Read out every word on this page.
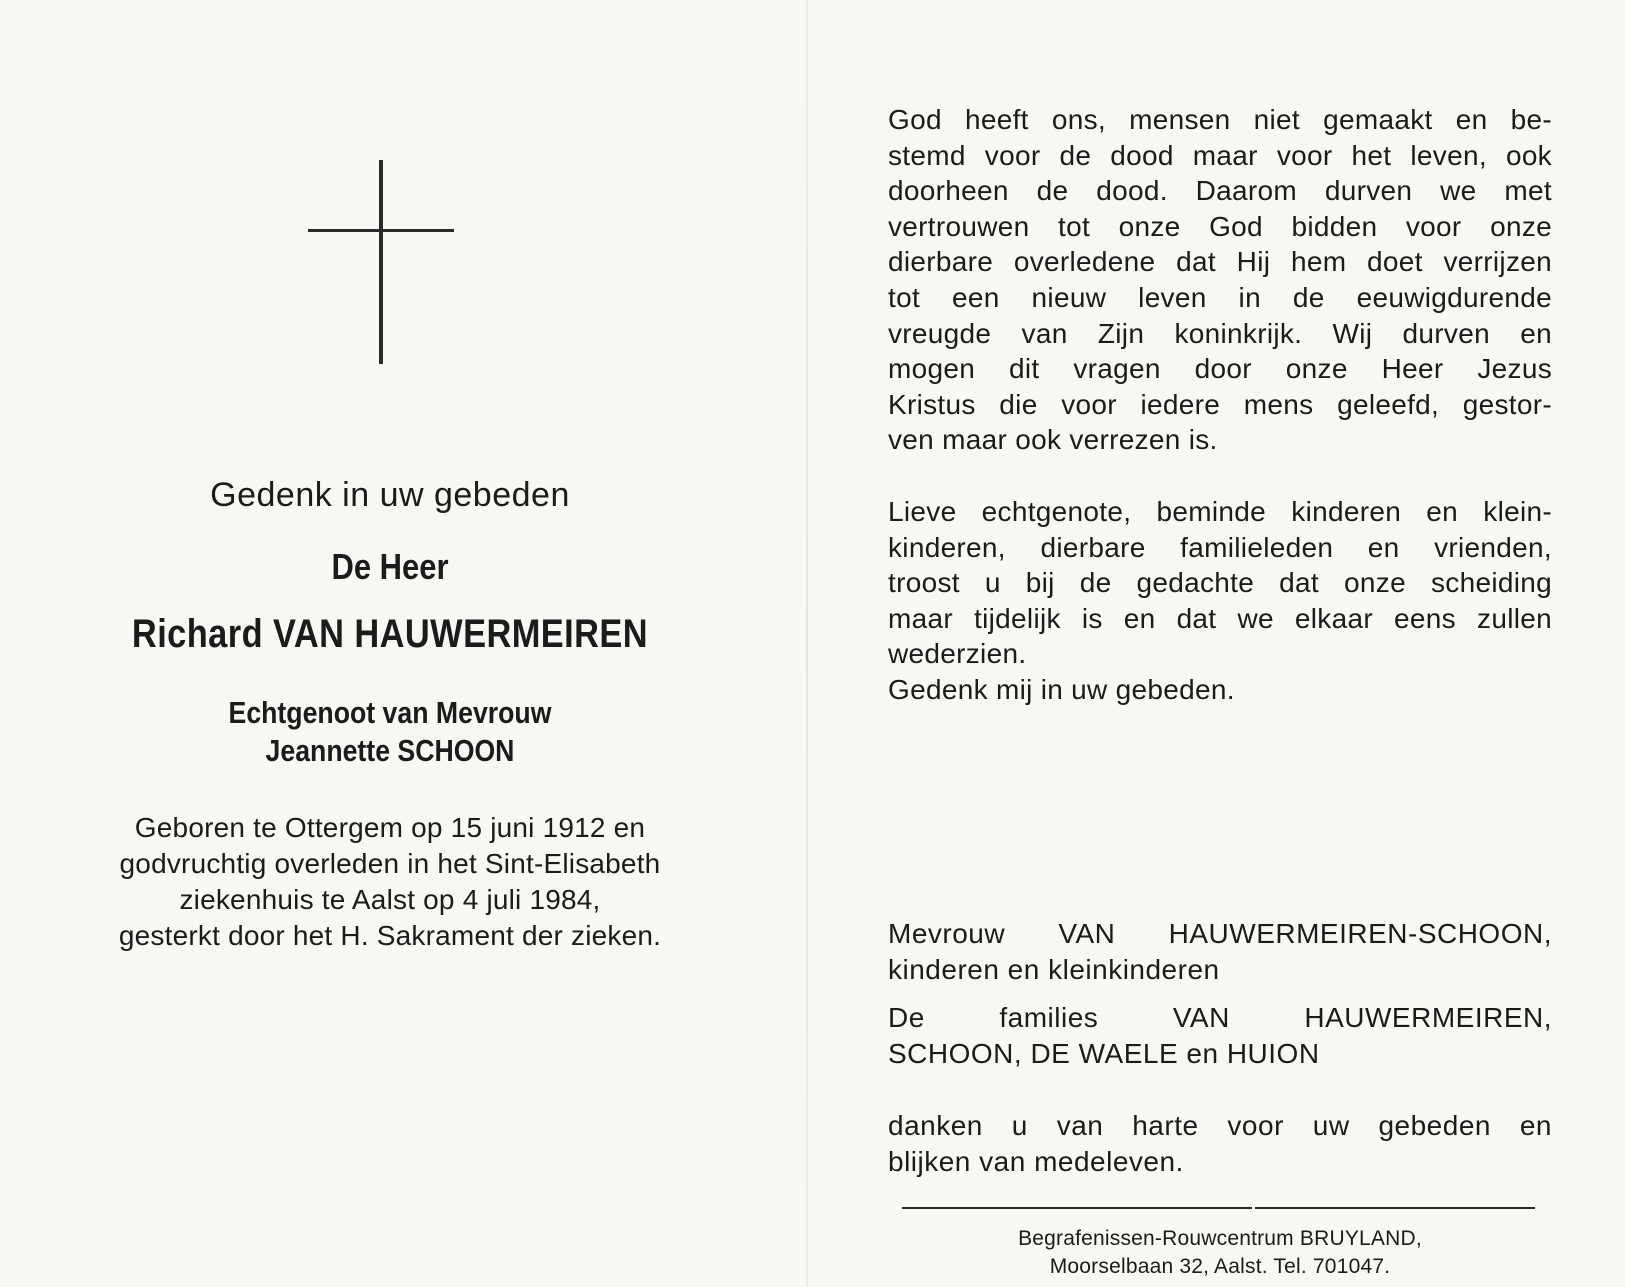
Gedenk in uw gebeden
De Heer
Richard VAN HAUWERMEIREN
Echtgenoot van Mevrouw
Jeannette SCHOON
Geboren te Ottergem op 15 juni 1912 en
godvruchtig overleden in het Sint-Elisabeth
ziekenhuis te Aalst op 4 juli 1984,
gesterkt door het H. Sakrament der zieken.
God heeft ons, mensen niet gemaakt en be-
stemd voor de dood maar voor het leven, ook
doorheen de dood. Daarom durven we met
vertrouwen tot onze God bidden voor onze
dierbare overledene dat Hij hem doet verrijzen
tot een nieuw leven in de eeuwigdurende
vreugde van Zijn koninkrijk. Wij durven en
mogen dit vragen door onze Heer Jezus
Kristus die voor iedere mens geleefd, gestor-
ven maar ook verrezen is.
Lieve echtgenote, beminde kinderen en klein-
kinderen, dierbare familieleden en vrienden,
troost u bij de gedachte dat onze scheiding
maar tijdelijk is en dat we elkaar eens zullen
wederzien.
Gedenk mij in uw gebeden.
Mevrouw VAN HAUWERMEIREN-SCHOON,
kinderen en kleinkinderen
De families VAN HAUWERMEIREN,
SCHOON, DE WAELE en HUION
danken u van harte voor uw gebeden en
blijken van medeleven.
Begrafenissen-Rouwcentrum BRUYLAND,
Moorselbaan 32, Aalst. Tel. 701047.
